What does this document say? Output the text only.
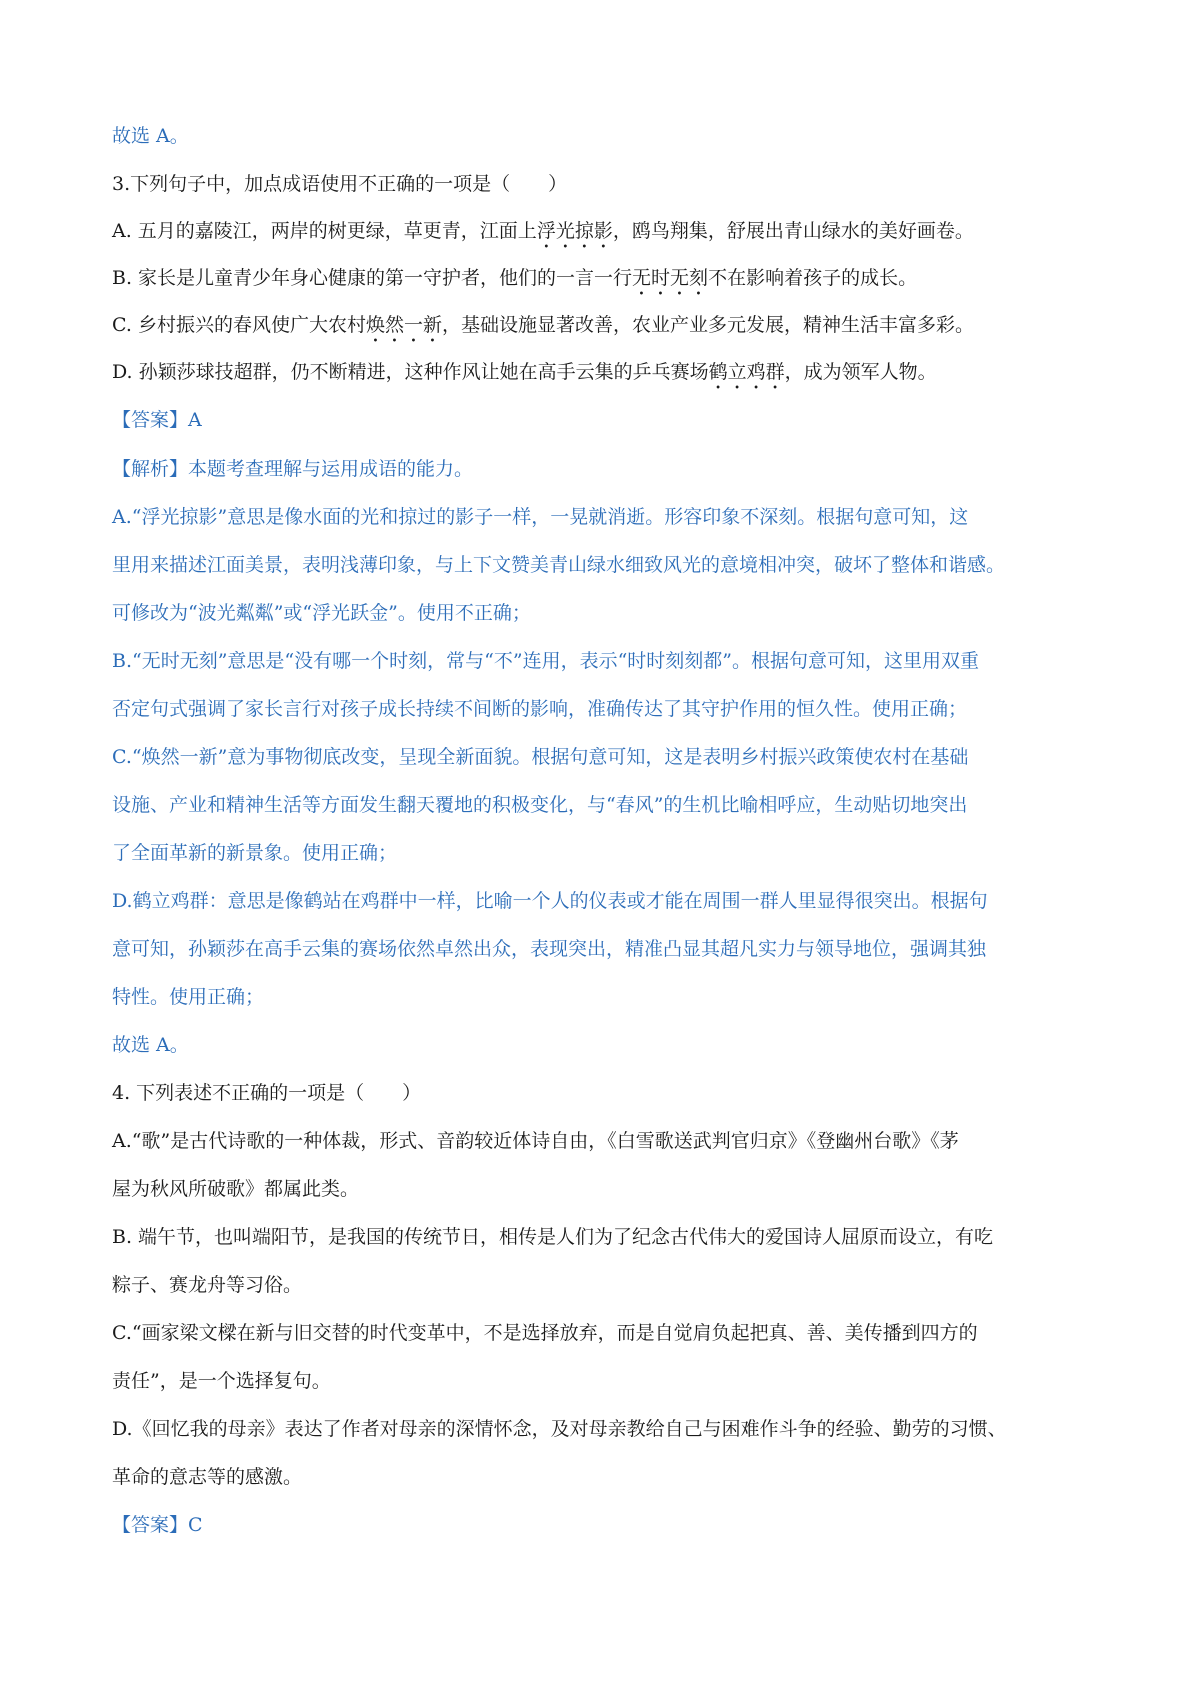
故选 A。
3.下列句子中，加点成语使用不正确的一项是（　　）
A. 五月的嘉陵江，两岸的树更绿，草更青，江面上浮光掠影，鸥鸟翔集，舒展出青山绿水的美好画卷。
B. 家长是儿童青少年身心健康的第一守护者，他们的一言一行无时无刻不在影响着孩子的成长。
C. 乡村振兴的春风使广大农村焕然一新，基础设施显著改善，农业产业多元发展，精神生活丰富多彩。
D. 孙颖莎球技超群，仍不断精进，这种作风让她在高手云集的乒乓赛场鹤立鸡群，成为领军人物。
【答案】A
【解析】本题考查理解与运用成语的能力。
A.“浮光掠影”意思是像水面的光和掠过的影子一样，一晃就消逝。形容印象不深刻。根据句意可知，这
里用来描述江面美景，表明浅薄印象，与上下文赞美青山绿水细致风光的意境相冲突，破坏了整体和谐感。
可修改为“波光粼粼”或“浮光跃金”。使用不正确；
B.“无时无刻”意思是“没有哪一个时刻，常与“不”连用，表示“时时刻刻都”。根据句意可知，这里用双重
否定句式强调了家长言行对孩子成长持续不间断的影响，准确传达了其守护作用的恒久性。使用正确；
C.“焕然一新”意为事物彻底改变，呈现全新面貌。根据句意可知，这是表明乡村振兴政策使农村在基础
设施、产业和精神生活等方面发生翻天覆地的积极变化，与“春风”的生机比喻相呼应，生动贴切地突出
了全面革新的新景象。使用正确；
D.鹤立鸡群：意思是像鹤站在鸡群中一样，比喻一个人的仪表或才能在周围一群人里显得很突出。根据句
意可知，孙颖莎在高手云集的赛场依然卓然出众，表现突出，精准凸显其超凡实力与领导地位，强调其独
特性。使用正确；
故选 A。
4. 下列表述不正确的一项是（　　）
A.“歌”是古代诗歌的一种体裁，形式、音韵较近体诗自由，《白雪歌送武判官归京》《登幽州台歌》《茅
屋为秋风所破歌》都属此类。
B. 端午节，也叫端阳节，是我国的传统节日，相传是人们为了纪念古代伟大的爱国诗人屈原而设立，有吃
粽子、赛龙舟等习俗。
C.“画家梁文樑在新与旧交替的时代变革中，不是选择放弃，而是自觉肩负起把真、善、美传播到四方的
责任”，是一个选择复句。
D.《回忆我的母亲》表达了作者对母亲的深情怀念，及对母亲教给自己与困难作斗争的经验、勤劳的习惯、
革命的意志等的感激。
【答案】C
